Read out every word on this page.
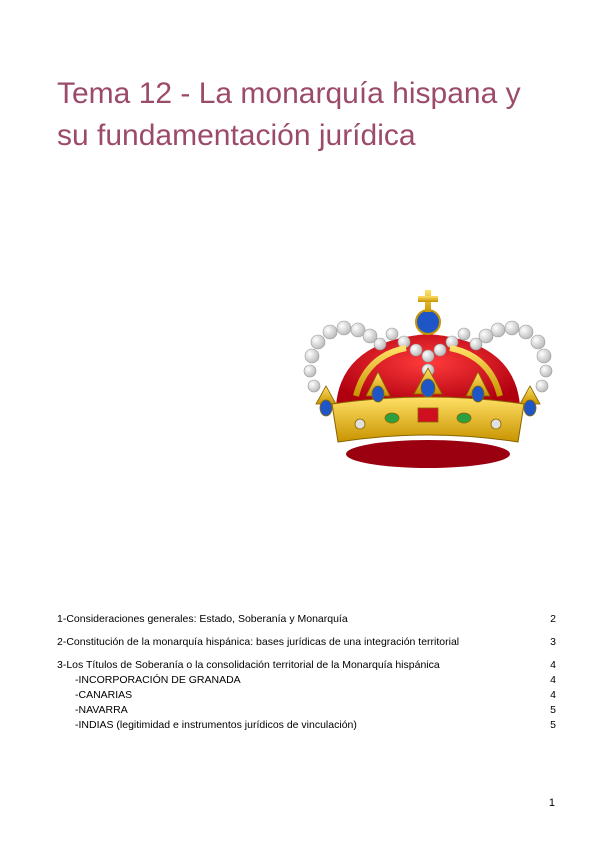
Tema 12 - La monarquía hispana y
su fundamentación jurídica
1-Consideraciones generales: Estado, Soberanía y Monarquía	2
2-Constitución de la monarquía hispánica: bases jurídicas de una integración territorial	3
3-Los Títulos de Soberanía o la consolidación territorial de la Monarquía hispánica	4
-INCORPORACIÓN DE GRANADA	4
-CANARIAS	4
-NAVARRA	5
-INDIAS (legitimidad e instrumentos jurídicos de vinculación)	5
1
